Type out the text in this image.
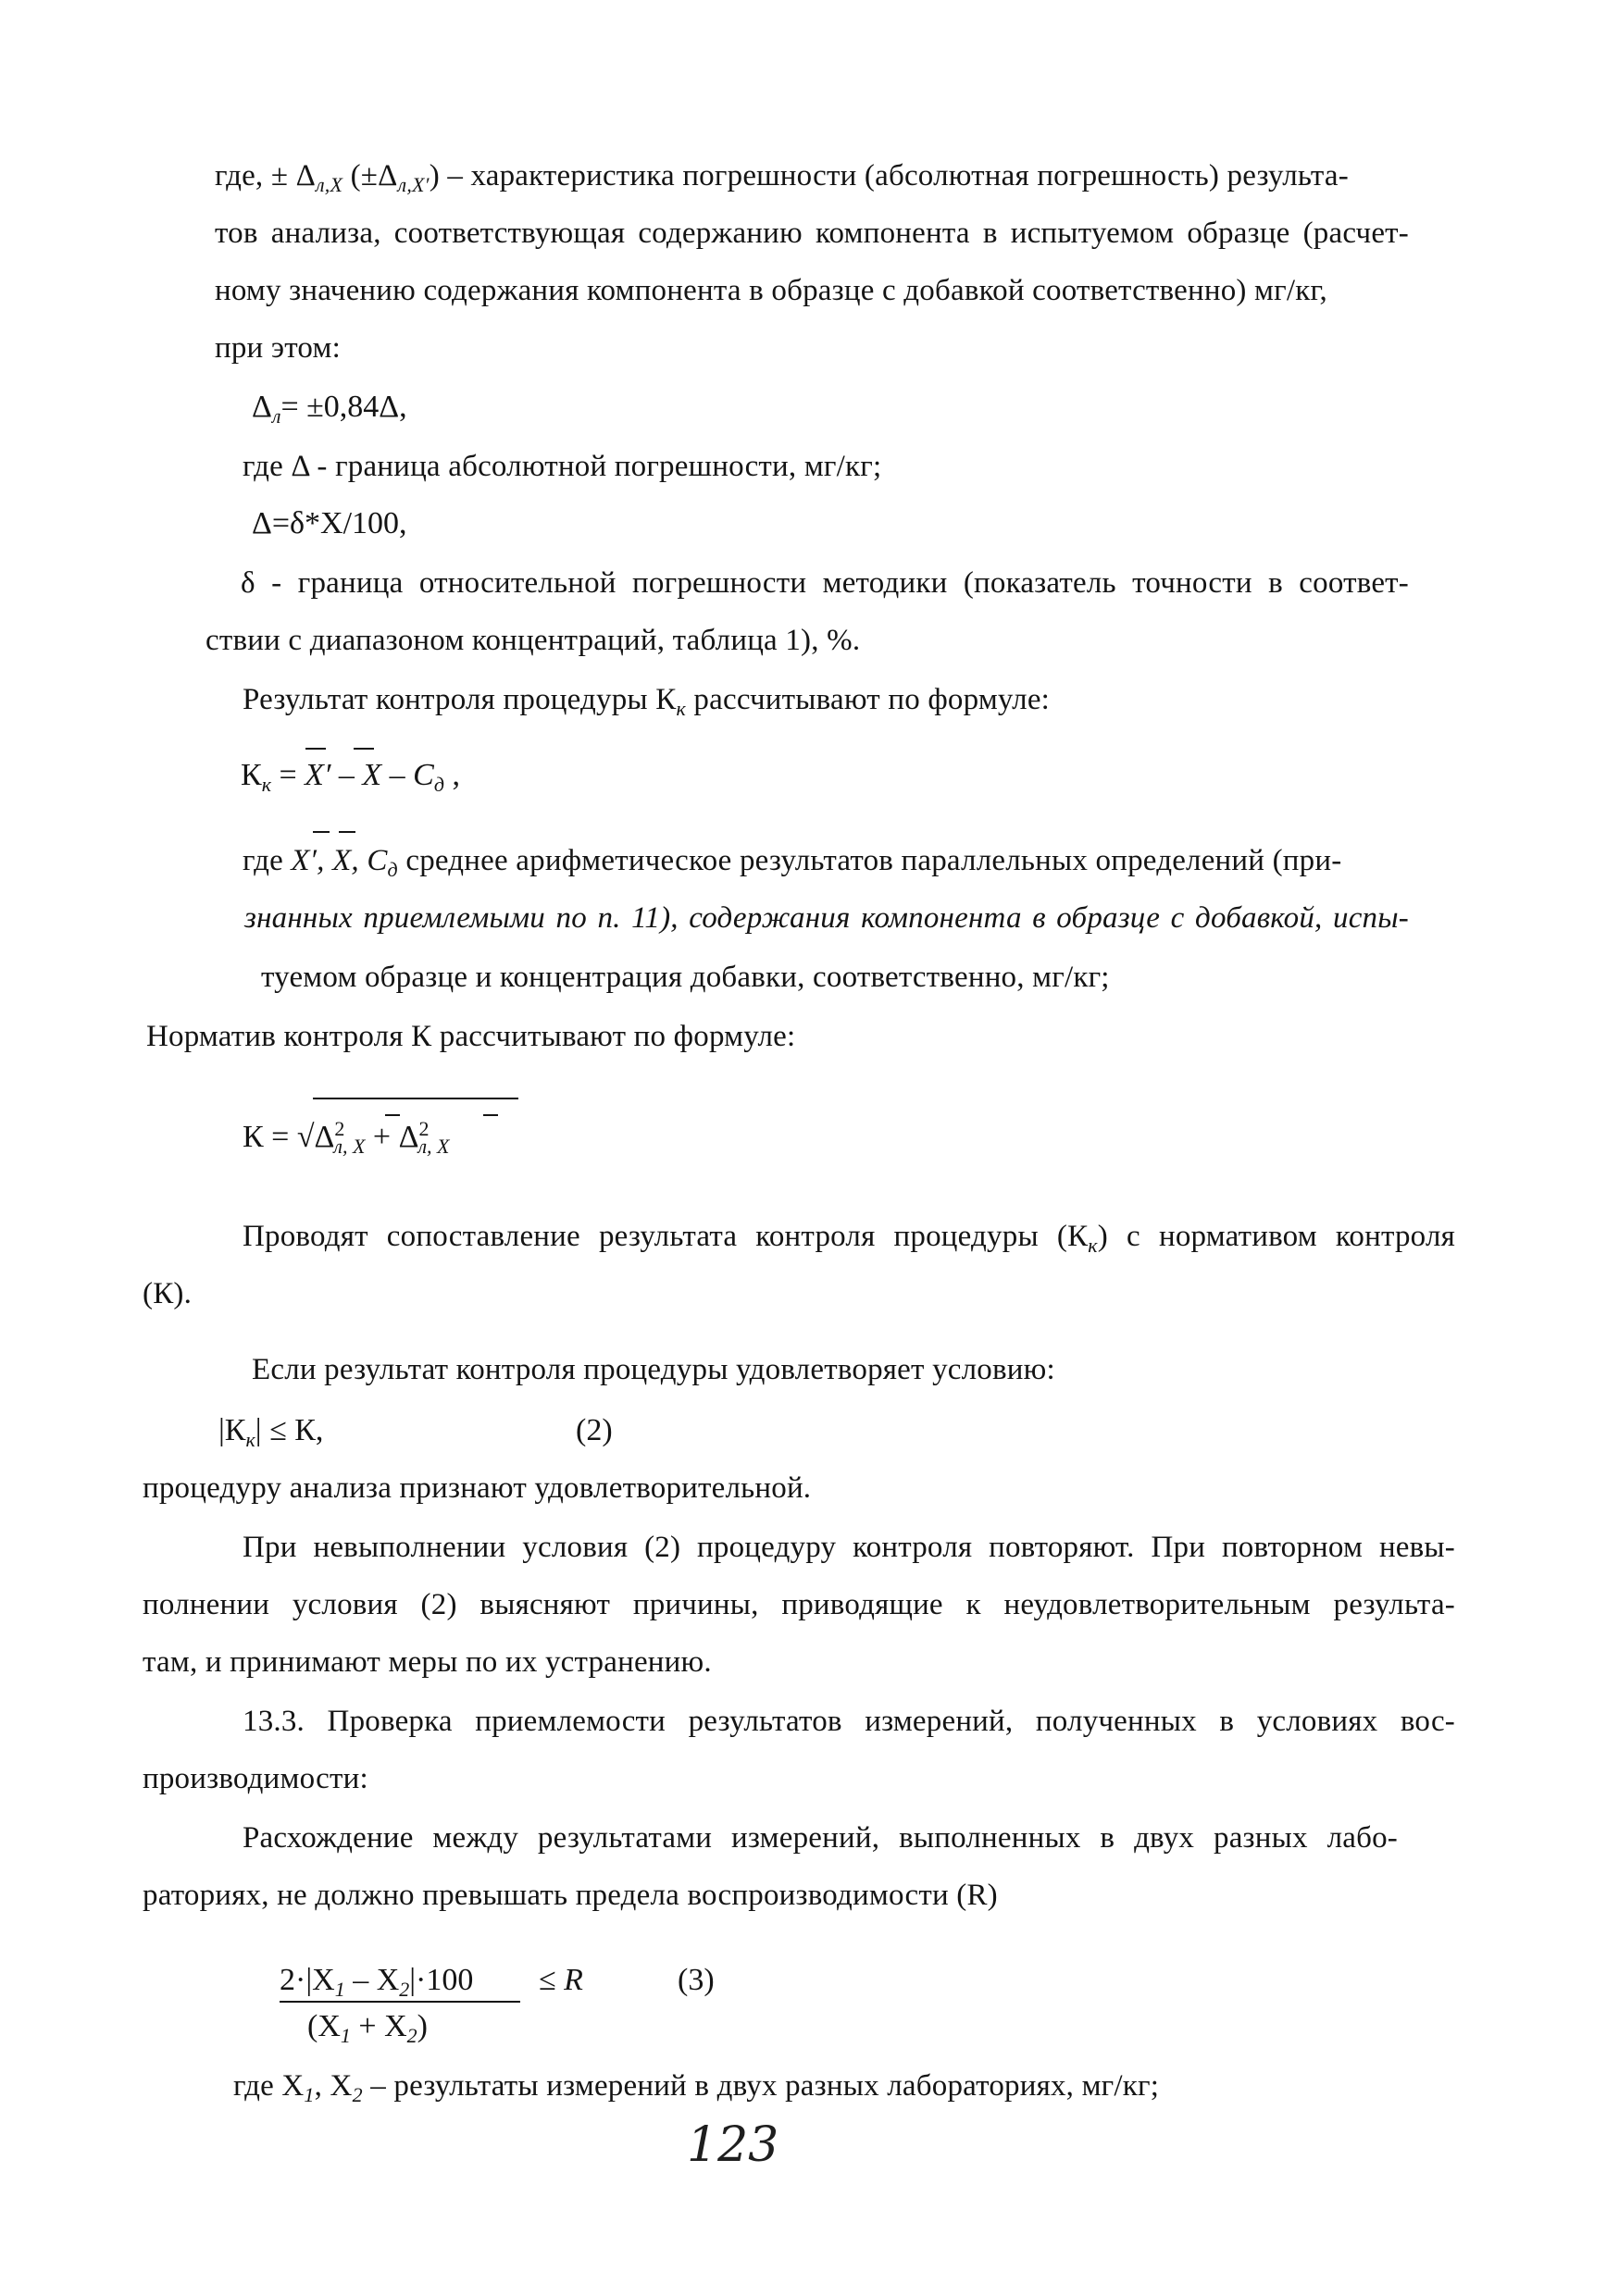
где, ± $\Delta_{л,X}$ $(\pm\Delta_{л,X'})$ – характеристика погрешности (абсолютная погрешность) результа-
тов анализа, соответствующая содержанию компонента в испытуемом образце (расчет-
ному значению содержания компонента в образце с добавкой соответственно) мг/кг,
при этом:
$\Delta_л= \pm 0,84\Delta$,
где Δ - граница абсолютной погрешности, мг/кг;
Δ=δ*X/100,
δ - граница относительной погрешности методики (показатель точности в соответ-
ствии с диапазоном концентраций, таблица 1), %.
Результат контроля процедуры $К_к$ рассчитывают по формуле:
$К_к = X' - X - C_д$ ,
где X′, X, $C_д$ среднее арифметическое результатов параллельных определений (при-
знанных приемлемыми по п. 11), содержания компонента в образце с добавкой, испы-
туемом образце и концентрация добавки, соответственно, мг/кг;
Норматив контроля К рассчитывают по формуле:
$К = √\Delta^2_{л, X} + \Delta^2_{л, X}$
Проводят сопоставление результата контроля процедуры $(К_к)$ с нормативом контроля
(К).
Если результат контроля процедуры удовлетворяет условию:
$|К_к| \le К$,	(2)
процедуру анализа признают удовлетворительной.
При невыполнении условия (2) процедуру контроля повторяют. При повторном невы-
полнении условия (2) выясняют причины, приводящие к неудовлетворительным результа-
там, и принимают меры по их устранению.
13.3. Проверка приемлемости результатов измерений, полученных в условиях вос-
производимости:
Расхождение между результатами измерений, выполненных в двух разных лабо-
раториях, не должно превышать предела воспроизводимости (R)
$2\cdot|X_1 - X_2|\cdot 100 \le R$	(3)
$(X_1 + X_2)$
где $X_1$, $X_2$ – результаты измерений в двух разных лабораториях, мг/кг;
123
